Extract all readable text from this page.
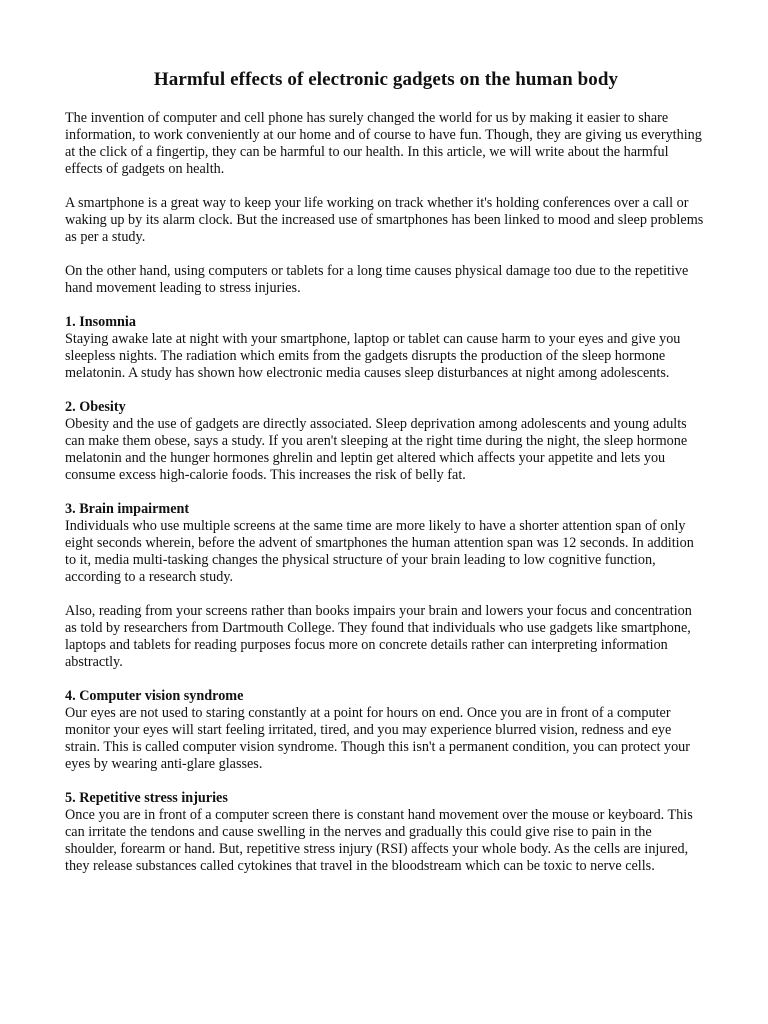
Harmful effects of electronic gadgets on the human body

The invention of computer and cell phone has surely changed the world for us by making it easier to share information, to work conveniently at our home and of course to have fun. Though, they are giving us everything at the click of a fingertip, they can be harmful to our health. In this article, we will write about the harmful effects of gadgets on health.

A smartphone is a great way to keep your life working on track whether it's holding conferences over a call or waking up by its alarm clock. But the increased use of smartphones has been linked to mood and sleep problems as per a study.

On the other hand, using computers or tablets for a long time causes physical damage too due to the repetitive hand movement leading to stress injuries.

1. Insomnia
Staying awake late at night with your smartphone, laptop or tablet can cause harm to your eyes and give you sleepless nights. The radiation which emits from the gadgets disrupts the production of the sleep hormone melatonin. A study has shown how electronic media causes sleep disturbances at night among adolescents.
2. Obesity
Obesity and the use of gadgets are directly associated. Sleep deprivation among adolescents and young adults can make them obese, says a study. If you aren't sleeping at the right time during the night, the sleep hormone melatonin and the hunger hormones ghrelin and leptin get altered which affects your appetite and lets you consume excess high-calorie foods. This increases the risk of belly fat.
3. Brain impairment
Individuals who use multiple screens at the same time are more likely to have a shorter attention span of only eight seconds wherein, before the advent of smartphones the human attention span was 12 seconds. In addition to it, media multi-tasking changes the physical structure of your brain leading to low cognitive function, according to a research study.
Also, reading from your screens rather than books impairs your brain and lowers your focus and concentration as told by researchers from Dartmouth College. They found that individuals who use gadgets like smartphone, laptops and tablets for reading purposes focus more on concrete details rather can interpreting information abstractly.
4. Computer vision syndrome
Our eyes are not used to staring constantly at a point for hours on end. Once you are in front of a computer monitor your eyes will start feeling irritated, tired, and you may experience blurred vision, redness and eye strain. This is called computer vision syndrome. Though this isn't a permanent condition, you can protect your eyes by wearing anti-glare glasses.
5. Repetitive stress injuries
Once you are in front of a computer screen there is constant hand movement over the mouse or keyboard. This can irritate the tendons and cause swelling in the nerves and gradually this could give rise to pain in the shoulder, forearm or hand. But, repetitive stress injury (RSI) affects your whole body. As the cells are injured, they release substances called cytokines that travel in the bloodstream which can be toxic to nerve cells.
